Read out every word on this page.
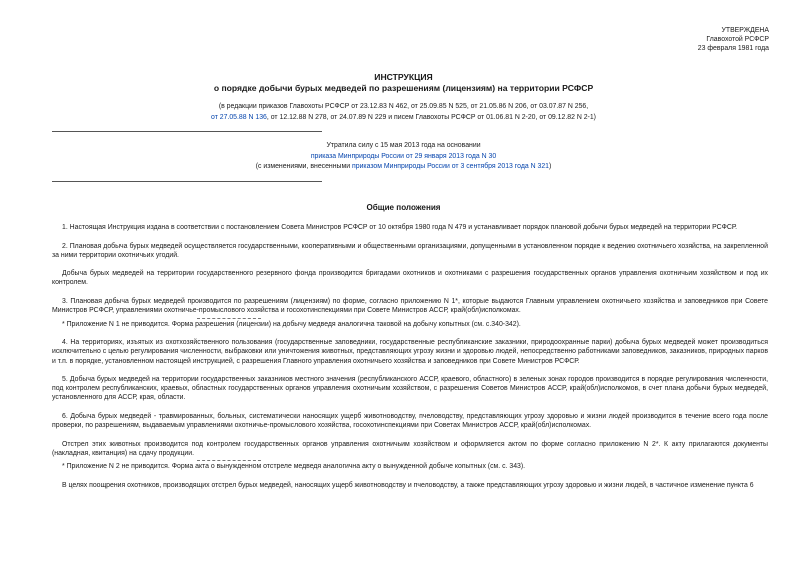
УТВЕРЖДЕНА
Главохотой РСФСР
23 февраля 1981 года
ИНСТРУКЦИЯ
о порядке добычи бурых медведей по разрешениям (лицензиям) на территории РСФСР
(в редакции приказов Главохоты РСФСР от 23.12.83 N 462, от 25.09.85 N 525, от 21.05.86 N 206, от 03.07.87 N 256,
от 27.05.88 N 136, от 12.12.88 N 278, от 24.07.89 N 229 и писем Главохоты РСФСР от 01.06.81 N 2-20, от 09.12.82 N 2-1)
Утратила силу с 15 мая 2013 года на основании
приказа Минприроды России от 29 января 2013 года N 30
(с изменениями, внесенными приказом Минприроды России от 3 сентября 2013 года N 321)
Общие положения

1. Настоящая Инструкция издана в соответствии с постановлением Совета Министров РСФСР от 10 октября 1980 года N 479 и устанавливает порядок плановой добычи бурых медведей на территории РСФСР.

2. Плановая добыча бурых медведей осуществляется государственными, кооперативными и общественными организациями, допущенными в установленном порядке к ведению охотничьего хозяйства, на закрепленной за ними территории охотничьих угодий.

Добыча бурых медведей на территории государственного резервного фонда производится бригадами охотников и охотниками с разрешения государственных органов управления охотничьим хозяйством и под их контролем.

3. Плановая добыча бурых медведей производится по разрешениям (лицензиям) по форме, согласно приложению N 1*, которые выдаются Главным управлением охотничьего хозяйства и заповедников при Совете Министров РСФСР, управлениями охотничье-промыслового хозяйства и госохотинспекциями при Совете Министров АССР, край(обл)исполкомах.

* Приложение N 1 не приводится. Форма разрешения (лицензии) на добычу медведя аналогична таковой на добычу копытных (см. с.340-342).

4. На территориях, изъятых из охотхозяйственного пользования (государственные заповедники, государственные республиканские заказники, природоохранные парки) добыча бурых медведей может производиться исключительно с целью регулирования численности, выбраковки или уничтожения животных, представляющих угрозу жизни и здоровью людей, непосредственно работниками заповедников, заказников, природных парков и т.п. в порядке, установленном настоящей инструкцией, с разрешения Главного управления охотничьего хозяйства и заповедников при Совете Министров РСФСР.

5. Добыча бурых медведей на территории государственных заказников местного значения (республиканского АССР, краевого, областного) в зеленых зонах городов производится в порядке регулирования численности, под контролем республиканских, краевых, областных государственных органов управления охотничьим хозяйством, с разрешения Советов Министров АССР, край(обл)исполкомов, в счет плана добычи бурых медведей, установленного для АССР, края, области.

6. Добыча бурых медведей - травмированных, больных, систематически наносящих ущерб животноводству, пчеловодству, представляющих угрозу здоровью и жизни людей производится в течение всего года после проверки, по разрешениям, выдаваемым управлениями охотничье-промыслового хозяйства, госохотинспекциями при Советах Министров АССР, край(обл)исполкомах.

Отстрел этих животных производится под контролем государственных органов управления охотничьим хозяйством и оформляется актом по форме согласно приложению N 2*. К акту прилагаются документы (накладная, квитанция) на сдачу продукции.

* Приложение N 2 не приводится. Форма акта о вынужденном отстреле медведя аналогична акту о вынужденной добыче копытных (см. с. 343).

В целях поощрения охотников, производящих отстрел бурых медведей, наносящих ущерб животноводству и пчеловодству, а также представляющих угрозу здоровью и жизни людей, в частичное изменение пункта 6
